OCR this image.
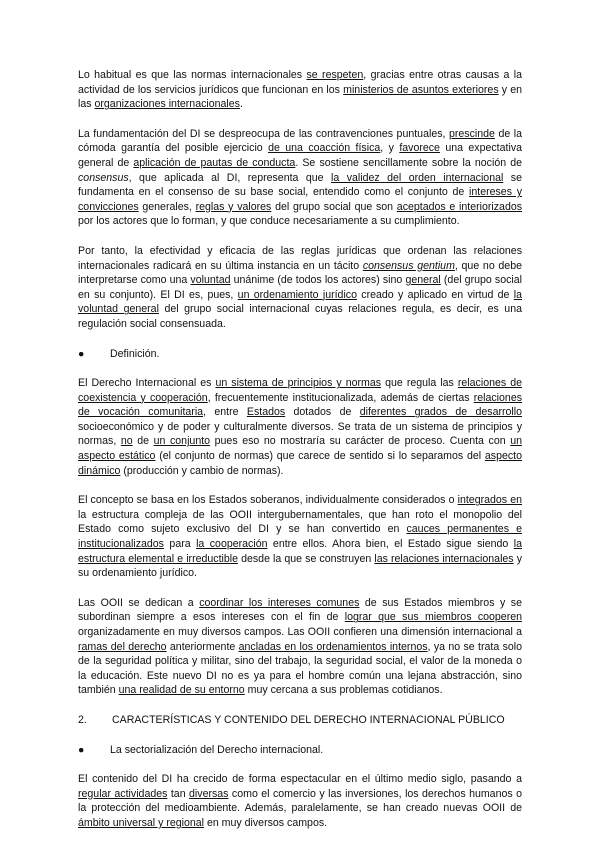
Lo habitual es que las normas internacionales se respeten, gracias entre otras causas a la actividad de los servicios jurídicos que funcionan en los ministerios de asuntos exteriores y en las organizaciones internacionales.

La fundamentación del DI se despreocupa de las contravenciones puntuales, prescinde de la cómoda garantía del posible ejercicio de una coacción física, y favorece una expectativa general de aplicación de pautas de conducta. Se sostiene sencillamente sobre la noción de consensus, que aplicada al DI, representa que la validez del orden internacional se fundamenta en el consenso de su base social, entendido como el conjunto de intereses y convicciones generales, reglas y valores del grupo social que son aceptados e interiorizados por los actores que lo forman, y que conduce necesariamente a su cumplimiento.

Por tanto, la efectividad y eficacia de las reglas jurídicas que ordenan las relaciones internacionales radicará en su última instancia en un tácito consensus gentium, que no debe interpretarse como una voluntad unánime (de todos los actores) sino general (del grupo social en su conjunto). El DI es, pues, un ordenamiento jurídico creado y aplicado en virtud de la voluntad general del grupo social internacional cuyas relaciones regula, es decir, es una regulación social consensuada.

●	Definición.

El Derecho Internacional es un sistema de principios y normas que regula las relaciones de coexistencia y cooperación, frecuentemente institucionalizada, además de ciertas relaciones de vocación comunitaria, entre Estados dotados de diferentes grados de desarrollo socioeconómico y de poder y culturalmente diversos. Se trata de un sistema de principios y normas, no de un conjunto pues eso no mostraría su carácter de proceso. Cuenta con un aspecto estático (el conjunto de normas) que carece de sentido si lo separamos del aspecto dinámico (producción y cambio de normas).

El concepto se basa en los Estados soberanos, individualmente considerados o integrados en la estructura compleja de las OOII intergubernamentales, que han roto el monopolio del Estado como sujeto exclusivo del DI y se han convertido en cauces permanentes e institucionalizados para la cooperación entre ellos. Ahora bien, el Estado sigue siendo la estructura elemental e irreductible desde la que se construyen las relaciones internacionales y su ordenamiento jurídico.

Las OOII se dedican a coordinar los intereses comunes de sus Estados miembros y se subordinan siempre a esos intereses con el fin de lograr que sus miembros cooperen organizadamente en muy diversos campos. Las OOII confieren una dimensión internacional a ramas del derecho anteriormente ancladas en los ordenamientos internos, ya no se trata solo de la seguridad política y militar, sino del trabajo, la seguridad social, el valor de la moneda o la educación. Este nuevo DI no es ya para el hombre común una lejana abstracción, sino también una realidad de su entorno muy cercana a sus problemas cotidianos.

2.	CARACTERÍSTICAS Y CONTENIDO DEL DERECHO INTERNACIONAL PÚBLICO
●	La sectorialización del Derecho internacional.

El contenido del DI ha crecido de forma espectacular en el último medio siglo, pasando a regular actividades tan diversas como el comercio y las inversiones, los derechos humanos o la protección del medioambiente. Además, paralelamente, se han creado nuevas OOII de ámbito universal y regional en muy diversos campos.
